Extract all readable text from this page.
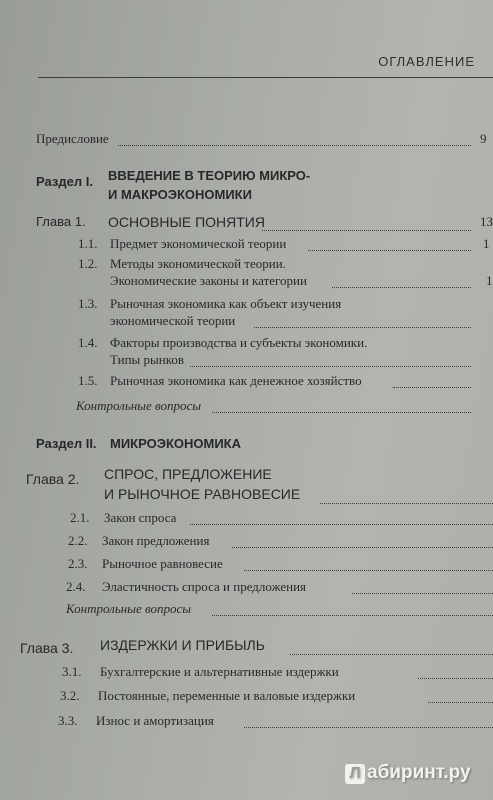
ОГЛАВЛЕНИЕ
Предисловие	9
Раздел I. ВВЕДЕНИЕ В ТЕОРИЮ МИКРО-
И МАКРОЭКОНОМИКИ
Глава 1. ОСНОВНЫЕ ПОНЯТИЯ	1З
1.1. Предмет экономической теории	1
1.2. Методы экономической теории.
Экономические законы и категории	1
1.3. Рыночная экономика как объект изучения
экономической теории
1.4. Факторы производства и субъекты экономики.
Типы рынков
1.5. Рыночная экономика как денежное хозяйство
Контрольные вопросы
Раздел II. МИКРОЭКОНОМИКА
Глава 2. СПРОС, ПРЕДЛОЖЕНИЕ
И РЫНОЧНОЕ РАВНОВЕСИЕ
2.1. Закон спроса
2.2. Закон предложения
2.3. Рыночное равновесие
2.4. Эластичность спроса и предложения
Контрольные вопросы
Глава 3. ИЗДЕРЖКИ И ПРИБЫЛЬ
3.1. Бухгалтерские и альтернативные издержки
3.2. Постоянные, переменные и валовые издержки
3.3. Износ и амортизация
Л абиринт.ру
